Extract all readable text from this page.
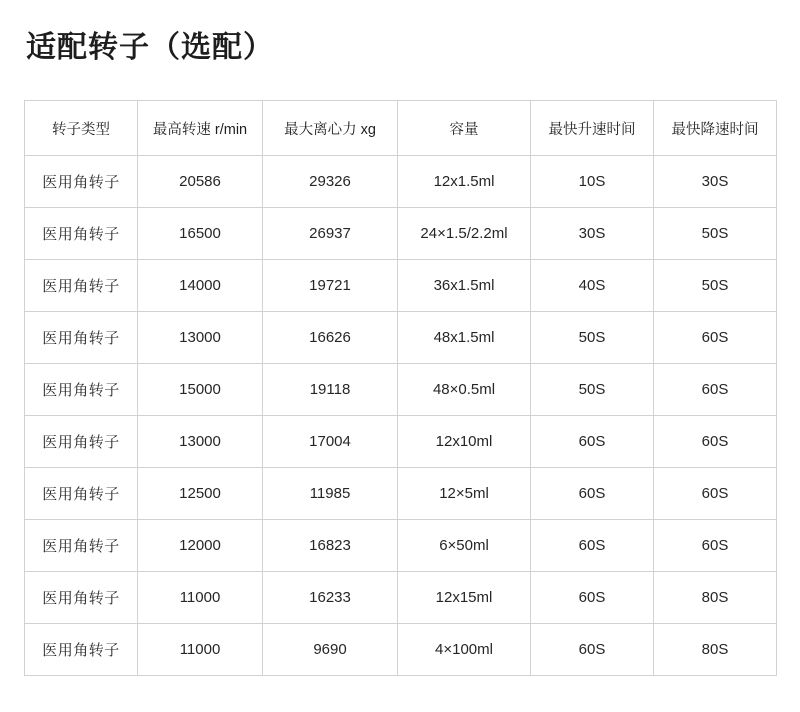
适配转子（选配）
转子类型	最高转速 r/min	最大离心力 xg	容量	最快升速时间	最快降速时间
医用角转子	20586	29326	12x1.5ml	10S	30S
医用角转子	16500	26937	24×1.5/2.2ml	30S	50S
医用角转子	14000	19721	36x1.5ml	40S	50S
医用角转子	13000	16626	48x1.5ml	50S	60S
医用角转子	15000	19118	48×0.5ml	50S	60S
医用角转子	13000	17004	12x10ml	60S	60S
医用角转子	12500	11985	12×5ml	60S	60S
医用角转子	12000	16823	6×50ml	60S	60S
医用角转子	11000	16233	12x15ml	60S	80S
医用角转子	11000	9690	4×100ml	60S	80S
